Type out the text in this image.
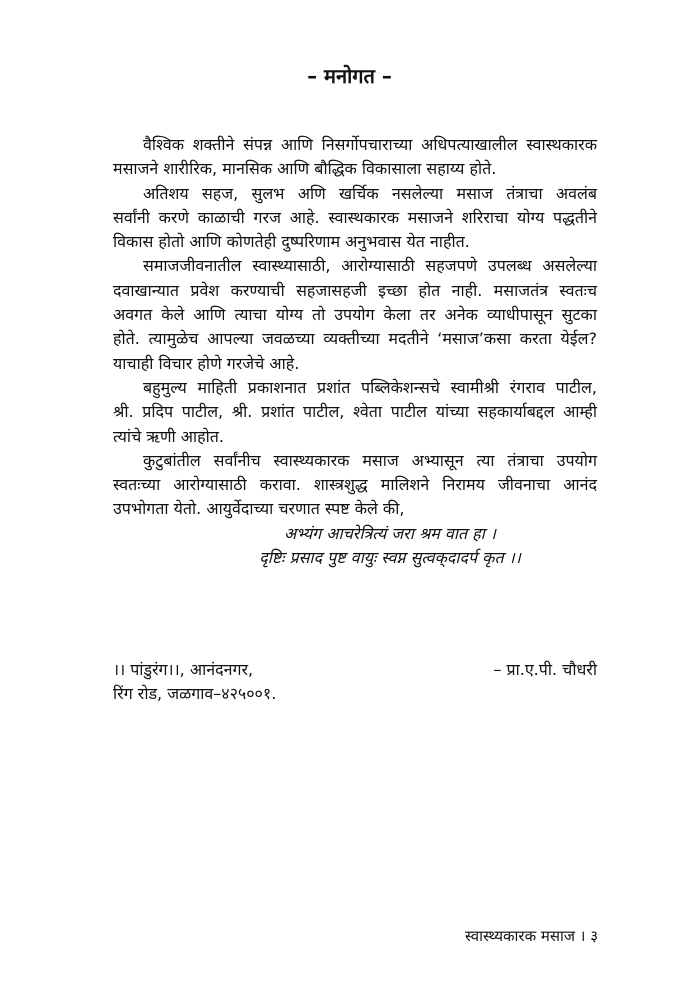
– मनोगत –
वैश्विक शक्तीने संपन्न आणि निसर्गोपचाराच्या अधिपत्याखालील स्वास्थकारक
मसाजने शारीरिक, मानसिक आणि बौद्धिक विकासाला सहाय्य होते.
अतिशय सहज, सुलभ अणि खर्चिक नसलेल्या मसाज तंत्राचा अवलंब
सर्वांनी करणे काळाची गरज आहे. स्वास्थकारक मसाजने शरिराचा योग्य पद्धतीने
विकास होतो आणि कोणतेही दुष्परिणाम अनुभवास येत नाहीत.
समाजजीवनातील स्वास्थ्यासाठी, आरोग्यासाठी सहजपणे उपलब्ध असलेल्या
दवाखान्यात प्रवेश करण्याची सहजासहजी इच्छा होत नाही. मसाजतंत्र स्वतःच
अवगत केले आणि त्याचा योग्य तो उपयोग केला तर अनेक व्याधीपासून सुटका
होते. त्यामुळेच आपल्या जवळच्या व्यक्तीच्या मदतीने ‘मसाज’कसा करता येईल?
याचाही विचार होणे गरजेचे आहे.
बहुमुल्य माहिती प्रकाशनात प्रशांत पब्लिकेशन्सचे स्वामीश्री रंगराव पाटील,
श्री. प्रदिप पाटील, श्री. प्रशांत पाटील, श्वेता पाटील यांच्या सहकार्याबद्दल आम्ही
त्यांचे ऋणी आहोत.
कुटुबांतील सर्वांनीच स्वास्थ्यकारक मसाज अभ्यासून त्या तंत्राचा उपयोग
स्वतःच्या आरोग्यासाठी करावा. शास्त्रशुद्ध मालिशने निरामय जीवनाचा आनंद
उपभोगता येतो. आयुर्वेदाच्या चरणात स्पष्ट केले की,
अभ्यंग आचरेत्रित्यं जरा श्रम वात हा ।
दृष्टिः प्रसाद पुष्ट वायुः स्वप्न सुत्वक्‌दादर्प कृत ।।
।। पांडुरंग।।, आनंदनगर,	– प्रा.ए.पी. चौधरी
रिंग रोड, जळगाव–४२५००१.
स्वास्थ्यकारक मसाज । ३
